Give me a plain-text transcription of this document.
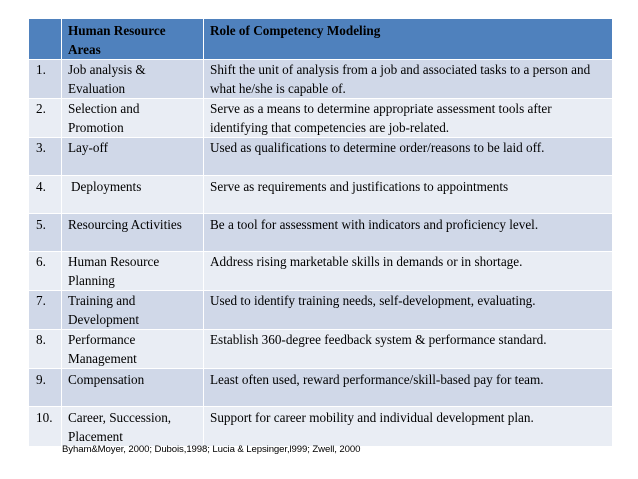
	Human Resource Areas	Role of Competency Modeling
1.	Job analysis & Evaluation	Shift the unit of analysis from a job and associated tasks to a person and what he/she is capable of.
2.	Selection and Promotion	Serve as a means to determine appropriate assessment tools after identifying that competencies are job-related.
3.	Lay-off	Used as qualifications to determine order/reasons to be laid off.
4.	Deployments	Serve as requirements and justifications to appointments
5.	Resourcing Activities	Be a tool for assessment with indicators and proficiency level.
6.	Human Resource Planning	Address rising marketable skills in demands or in shortage.
7.	Training and Development	Used to identify training needs, self-development, evaluating.
8.	Performance Management	Establish 360-degree feedback system & performance standard.
9.	Compensation	Least often used, reward performance/skill-based pay for team.
10.	Career, Succession, Placement	Support for career mobility and individual development plan.
Byham&Moyer, 2000; Dubois,1998; Lucia & Lepsinger,l999; Zwell, 2000
